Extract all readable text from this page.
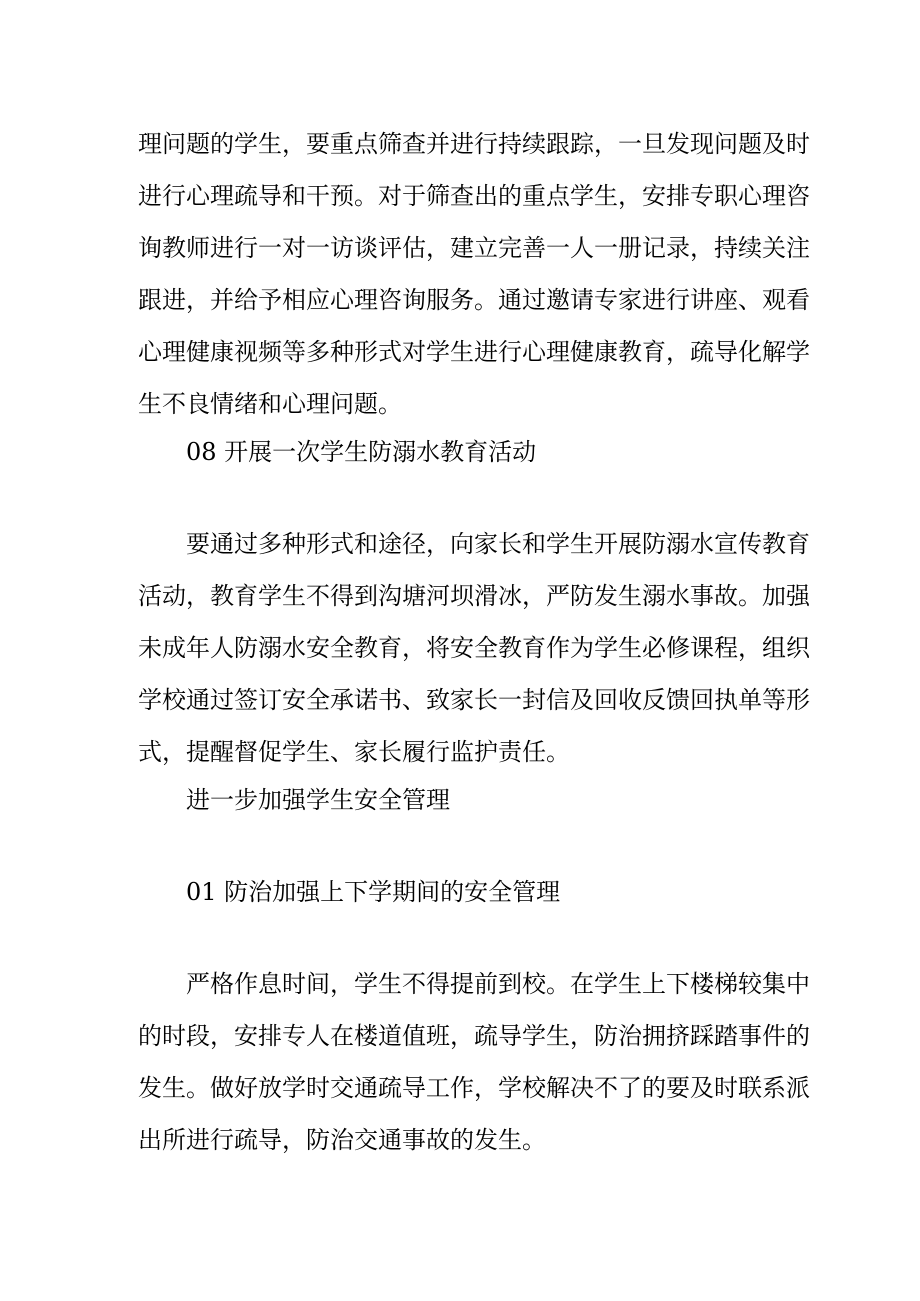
理问题的学生，要重点筛查并进行持续跟踪，一旦发现问题及时
进行心理疏导和干预。对于筛查出的重点学生，安排专职心理咨
询教师进行一对一访谈评估，建立完善一人一册记录，持续关注
跟进，并给予相应心理咨询服务。通过邀请专家进行讲座、观看
心理健康视频等多种形式对学生进行心理健康教育，疏导化解学
生不良情绪和心理问题。
08 开展一次学生防溺水教育活动
要通过多种形式和途径，向家长和学生开展防溺水宣传教育
活动，教育学生不得到沟塘河坝滑冰，严防发生溺水事故。加强
未成年人防溺水安全教育，将安全教育作为学生必修课程，组织
学校通过签订安全承诺书、致家长一封信及回收反馈回执单等形
式，提醒督促学生、家长履行监护责任。
进一步加强学生安全管理
01 防治加强上下学期间的安全管理
严格作息时间，学生不得提前到校。在学生上下楼梯较集中
的时段，安排专人在楼道值班，疏导学生，防治拥挤踩踏事件的
发生。做好放学时交通疏导工作，学校解决不了的要及时联系派
出所进行疏导，防治交通事故的发生。
